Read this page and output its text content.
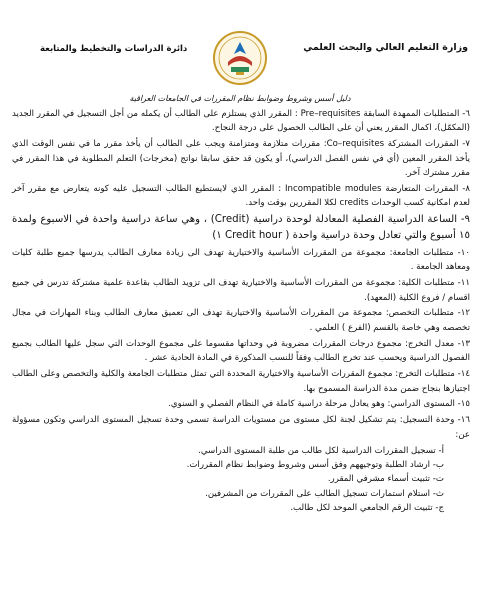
وزارة التعليم العالي والبحث العلمي
دائرة الدراسات والتخطيط والمتابعة
دليل أسس وشروط وضوابط نظام المقررات في الجامعات العراقية

٦- المتطلبات الممهدة السابقة Pre–requisites : المقرر الذي يستلزم على الطالب أن يكمله من أجل التسجيل في المقرر الجديد (المكمّل)، اكمال المقرر يعني أن على الطالب الحصول على درجة النجاح.

٧- المقررات المشتركة Co–requisites: مقررات متلازمة ومتزامنة ويجب على الطالب أن يأخذ مقرر ما في نفس الوقت الذي يأخذ المقرر المعين (أي في نفس الفصل الدراسي)، أو يكون قد حقق سابقا نواتج (مخرجات) التعلم المطلوبة في هذا المقرر في مقرر مشترك آخر.

٨- المقررات المتعارضة Incompatible modules : المقرر الذي لايستطيع الطالب التسجيل عليه كونه يتعارض مع مقرر آخر لعدم امكانية كسب الوحدات credits لكلا المقررين بوقت واحد.

٩- الساعة الدراسية الفصلية المعادلة لوحدة دراسية (Credit) ، وهي ساعة دراسية واحدة في الاسبوع ولمدة ١٥ أسبوع والتي تعادل وحدة دراسية واحدة ( Credit hour ١)

١٠- متطلبات الجامعة: مجموعة من المقررات الأساسية والاختيارية تهدف الى زيادة معارف الطالب يدرسها جميع طلبة كليات ومعاهد الجامعة .

١١- متطلبات الكلية: مجموعة من المقررات الأساسية والاختيارية تهدف الى تزويد الطالب بقاعدة علمية مشتركة تدرس في جميع اقسام / فروع الكلية (المعهد).

١٢- متطلبات التخصص: مجموعة من المقررات الأساسية والاختيارية تهدف الى تعميق معارف الطالب وبناء المهارات في مجال تخصصه وهي خاصة بالقسم (الفرع ) العلمي .

١٣- معدل التخرج: مجموع درجات المقررات مضروبة في وحداتها مقسوما على مجموع الوحدات التي سجل عليها الطالب بجميع الفصول الدراسية ويحسب عند تخرج الطالب وفقاً للنسب المذكورة في المادة الحادية عشر .

١٤- متطلبات التخرج: مجموع المقررات الأساسية والاختيارية المحددة التي تمثل متطلبات الجامعة والكلية والتخصص وعلى الطالب اجتيازها بنجاح ضمن مدة الدراسة المسموح بها.

١٥- المستوى الدراسي: وهو يعادل مرحلة دراسية كاملة في النظام الفصلي و السنوي.

١٦- وحدة التسجيل: يتم تشكيل لجنة لكل مستوى من مستويات الدراسة تسمى وحدة تسجيل المستوى الدراسي وتكون مسؤولة عن:

أ- تسجيل المقررات الدراسية لكل طالب من طلبة المستوى الدراسي.

ب- ارشاد الطلبة وتوجيههم وفق أسس وشروط وضوابط نظام المقررات.

ت- تثبيت أسماء مشرفي المقرر.

ث- استلام استمارات تسجيل الطالب على المقررات من المشرفين.

ج- تثبيت الرقم الجامعي الموحد لكل طالب.
